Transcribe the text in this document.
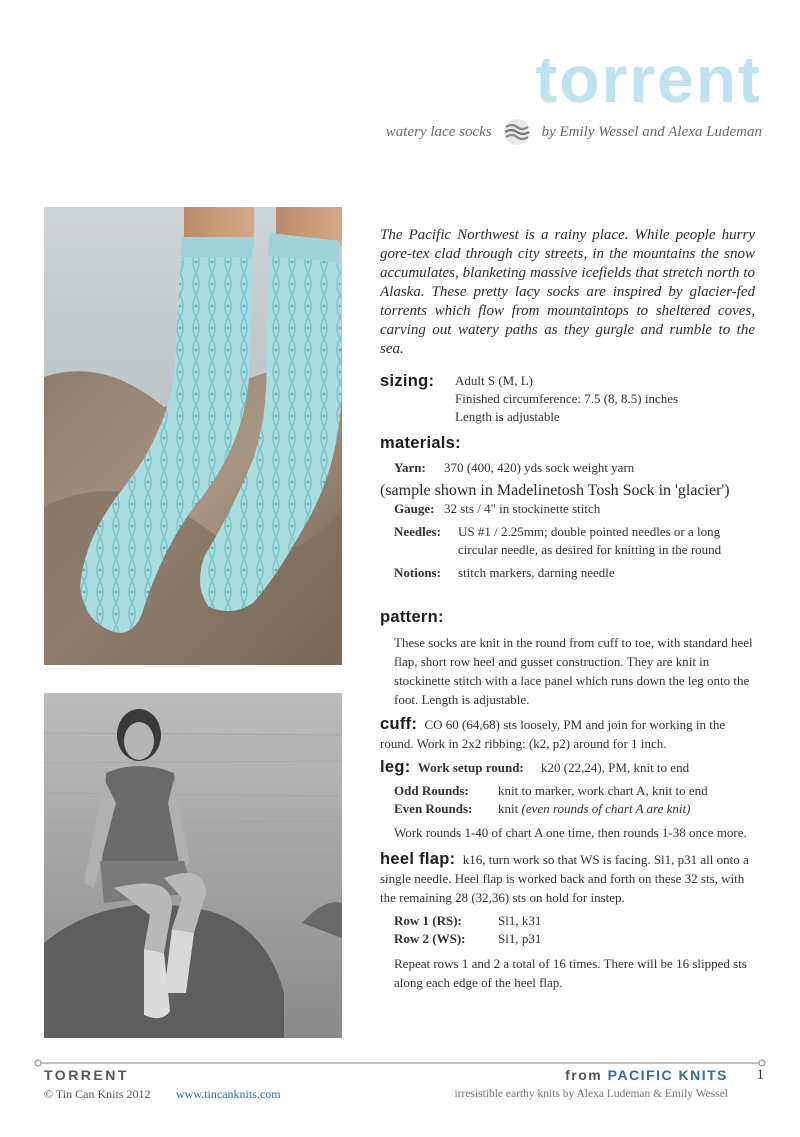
torrent
watery lace socks	by Emily Wessel and Alexa Ludeman

The Pacific Northwest is a rainy place. While people hurry gore-tex clad through city streets, in the mountains the snow accumulates, blanketing massive icefields that stretch north to Alaska. These pretty lacy socks are inspired by glacier-fed torrents which flow from mountaintops to sheltered coves, carving out watery paths as they gurgle and rumble to the sea.

sizing:	Adult S (M, L)
Finished circumference: 7.5 (8, 8.5) inches
Length is adjustable
materials:
Yarn:	370 (400, 420) yds sock weight yarn
(sample shown in Madelinetosh Tosh Sock in 'glacier')
Gauge: 32 sts / 4" in stockinette stitch
Needles:	US #1 / 2.25mm; double pointed needles or a long circular needle, as desired for knitting in the round
Notions:	stitch markers, darning needle
pattern:
These socks are knit in the round from cuff to toe, with standard heel flap, short row heel and gusset construction. They are knit in stockinette stitch with a lace panel which runs down the leg onto the foot. Length is adjustable.
cuff: CO 60 (64,68) sts loosely, PM and join for working in the round. Work in 2x2 ribbing: (k2, p2) around for 1 inch.
leg: Work setup round: k20 (22,24), PM, knit to end
Odd Rounds:	knit to marker, work chart A, knit to end
Even Rounds:	knit (even rounds of chart A are knit)
Work rounds 1-40 of chart A one time, then rounds 1-38 once more.
heel flap: k16, turn work so that WS is facing. Sl1, p31 all onto a single needle. Heel flap is worked back and forth on these 32 sts, with the remaining 28 (32,36) sts on hold for instep.
Row 1 (RS):	Sl1, k31
Row 2 (WS):	Sl1, p31
Repeat rows 1 and 2 a total of 16 times. There will be 16 slipped sts along each edge of the heel flap.

TORRENT

© Tin Can Knits 2012 www.tincanknits.com
from PACIFIC KNITS 1
irresistible earthy knits by Alexa Ludeman & Emily Wessel
